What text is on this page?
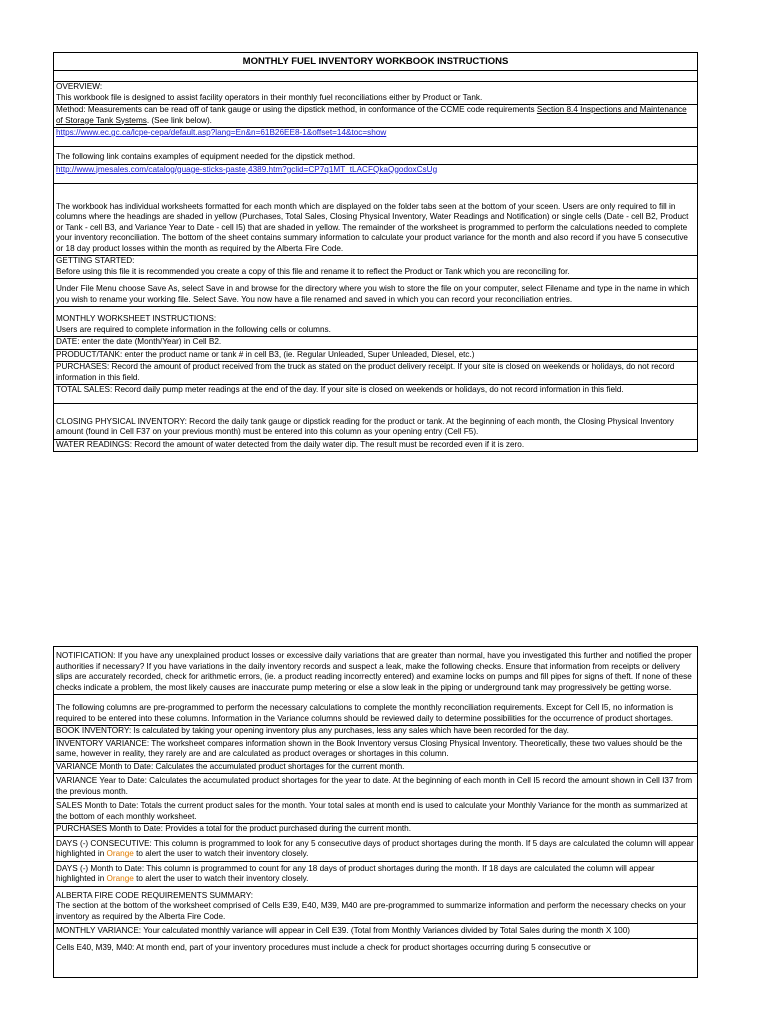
MONTHLY FUEL INVENTORY WORKBOOK INSTRUCTIONS

OVERVIEW:

This workbook file is designed to assist facility operators in their monthly fuel reconciliations either by Product or Tank.

Method: Measurements can be read off of tank gauge or using the dipstick method, in conformance of the CCME code requirements Section 8.4 Inspections and Maintenance of Storage Tank Systems. (See link below).
https://www.ec.gc.ca/lcpe-cepa/default.asp?lang=En&n=61B26EE8-1&offset=14&toc=show
The following link contains examples of equipment needed for the dipstick method.
http://www.jmesales.com/catalog/guage-sticks-paste,4389.htm?gclid=CP7q1MT_tLACFQkaQgodoxCsUg
The workbook has individual worksheets formatted for each month which are displayed on the folder tabs seen at the bottom of your sceen. Users are only required to fill in columns where the headings are shaded in yellow (Purchases, Total Sales, Closing Physical Inventory, Water Readings and Notification) or single cells (Date - cell B2, Product or Tank - cell B3, and Variance Year to Date - cell I5) that are shaded in yellow. The remainder of the worksheet is programmed to perform the calculations needed to complete your inventory reconciliation. The bottom of the sheet contains summary information to calculate your product variance for the month and also record if you have 5 consecutive or 18 day product losses within the month as required by the Alberta Fire Code.

GETTING STARTED:

Before using this file it is recommended you create a copy of this file and rename it to reflect the Product or Tank which you are reconciling for.

Under File Menu choose Save As, select Save in and browse for the directory where you wish to store the file on your computer, select Filename and type in the name in which you wish to rename your working file. Select Save. You now have a file renamed and saved in which you can record your reconciliation entries.

MONTHLY WORKSHEET INSTRUCTIONS:

Users are required to complete information in the following cells or columns.

DATE: enter the date (Month/Year) in Cell B2.
PRODUCT/TANK: enter the product name or tank # in cell B3, (ie. Regular Unleaded, Super Unleaded, Diesel, etc.)
PURCHASES: Record the amount of product received from the truck as stated on the product delivery receipt. If your site is closed on weekends or holidays, do not record information in this field.
TOTAL SALES: Record daily pump meter readings at the end of the day. If your site is closed on weekends or holidays, do not record information in this field.
CLOSING PHYSICAL INVENTORY: Record the daily tank gauge or dipstick reading for the product or tank. At the beginning of each month, the Closing Physical Inventory amount (found in Cell F37 on your previous month) must be entered into this column as your opening entry (Cell F5).
WATER READINGS: Record the amount of water detected from the daily water dip. The result must be recorded even if it is zero.
NOTIFICATION: If you have any unexplained product losses or excessive daily variations that are greater than normal, have you investigated this further and notified the proper authorities if necessary? If you have variations in the daily inventory records and suspect a leak, make the following checks. Ensure that information from receipts or delivery slips are accurately recorded, check for arithmetic errors, (ie. a product reading incorrectly entered) and examine locks on pumps and fill pipes for signs of theft. If none of these checks indicate a problem, the most likely causes are inaccurate pump metering or else a slow leak in the piping or underground tank may progressively be getting worse.
The following columns are pre-programmed to perform the necessary calculations to complete the monthly reconciliation requirements. Except for Cell I5, no information is required to be entered into these columns. Information in the Variance columns should be reviewed daily to determine possibilities for the occurrence of product shortages.
BOOK INVENTORY: Is calculated by taking your opening inventory plus any purchases, less any sales which have been recorded for the day.
INVENTORY VARIANCE: The worksheet compares information shown in the Book Inventory versus Closing Physical Inventory. Theoretically, these two values should be the same, however in reality, they rarely are and are calculated as product overages or shortages in this column.
VARIANCE Month to Date: Calculates the accumulated product shortages for the current month.
VARIANCE Year to Date: Calculates the accumulated product shortages for the year to date. At the beginning of each month in Cell I5 record the amount shown in Cell I37 from the previous month.
SALES Month to Date: Totals the current product sales for the month. Your total sales at month end is used to calculate your Monthly Variance for the month as summarized at the bottom of each monthly worksheet.
PURCHASES Month to Date: Provides a total for the product purchased during the current month.
DAYS (-) CONSECUTIVE: This column is programmed to look for any 5 consecutive days of product shortages during the month. If 5 days are calculated the column will appear highlighted in Orange to alert the user to watch their inventory closely.
DAYS (-) Month to Date: This column is programmed to count for any 18 days of product shortages during the month. If 18 days are calculated the column will appear highlighted in Orange to alert the user to watch their inventory closely.

ALBERTA FIRE CODE REQUIREMENTS SUMMARY:

The section at the bottom of the worksheet comprised of Cells E39, E40, M39, M40 are pre-programmed to summarize information and perform the necessary checks on your inventory as required by the Alberta Fire Code.

MONTHLY VARIANCE: Your calculated monthly variance will appear in Cell E39. (Total from Monthly Variances divided by Total Sales during the month X 100)
Cells E40, M39, M40: At month end, part of your inventory procedures must include a check for product shortages occurring during 5 consecutive or
